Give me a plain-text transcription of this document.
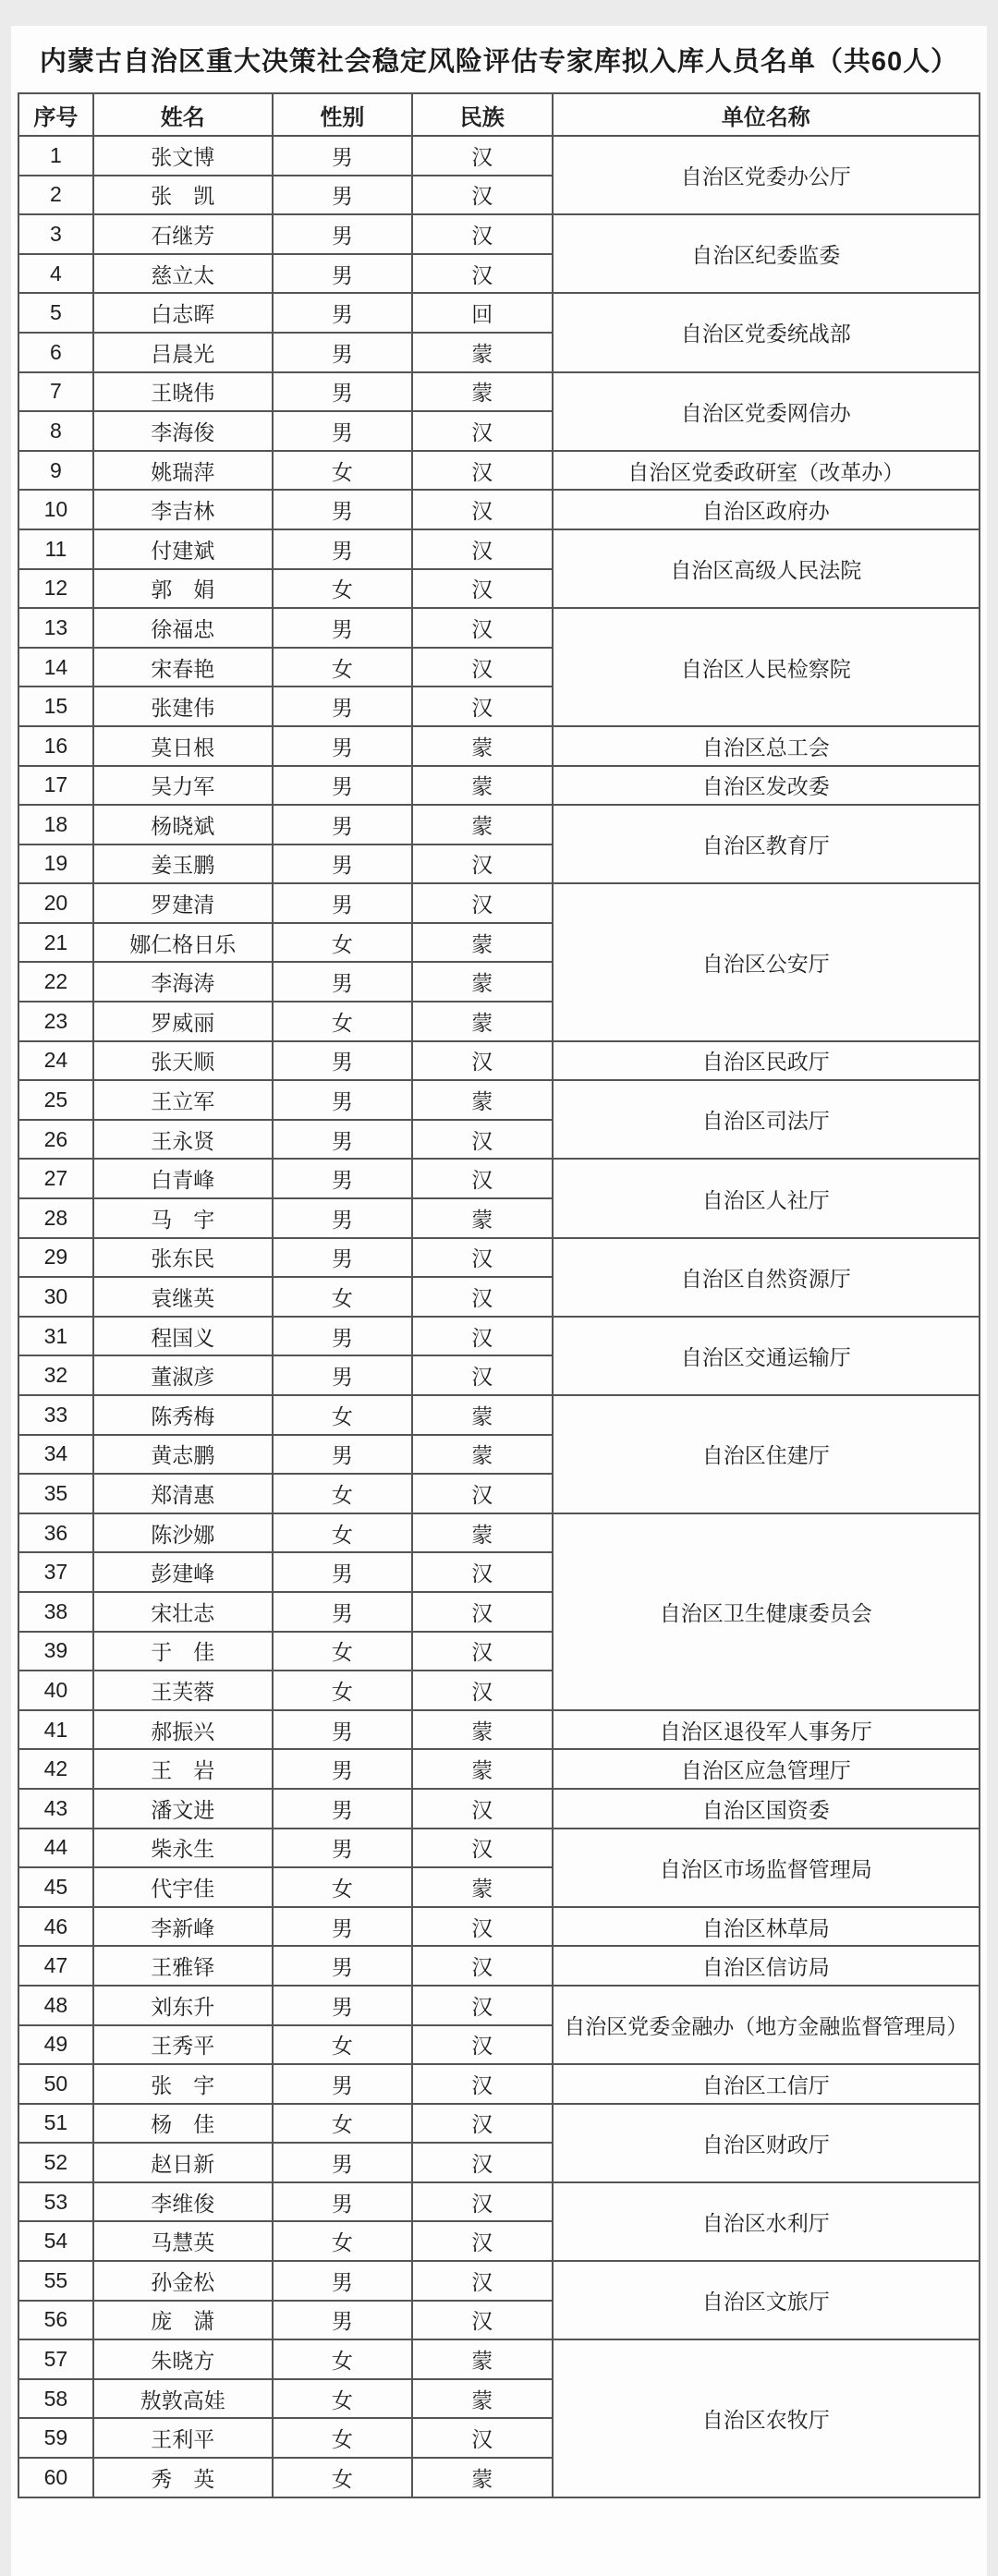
内蒙古自治区重大决策社会稳定风险评估专家库拟入库人员名单（共60人）
序号	姓名	性别	民族	单位名称
1	张文博	男	汉	自治区党委办公厅
2	张　凯	男	汉	
3	石继芳	男	汉	自治区纪委监委
4	慈立太	男	汉	
5	白志晖	男	回	自治区党委统战部
6	吕晨光	男	蒙	
7	王晓伟	男	蒙	自治区党委网信办
8	李海俊	男	汉	
9	姚瑞萍	女	汉	自治区党委政研室（改革办）
10	李吉林	男	汉	自治区政府办
11	付建斌	男	汉	自治区高级人民法院
12	郭　娟	女	汉	
13	徐福忠	男	汉	自治区人民检察院
14	宋春艳	女	汉	
15	张建伟	男	汉	
16	莫日根	男	蒙	自治区总工会
17	吴力军	男	蒙	自治区发改委
18	杨晓斌	男	蒙	自治区教育厅
19	姜玉鹏	男	汉	
20	罗建清	男	汉	自治区公安厅
21	娜仁格日乐	女	蒙	
22	李海涛	男	蒙	
23	罗威丽	女	蒙	
24	张天顺	男	汉	自治区民政厅
25	王立军	男	蒙	自治区司法厅
26	王永贤	男	汉	
27	白青峰	男	汉	自治区人社厅
28	马　宇	男	蒙	
29	张东民	男	汉	自治区自然资源厅
30	袁继英	女	汉	
31	程国义	男	汉	自治区交通运输厅
32	董淑彦	男	汉	
33	陈秀梅	女	蒙	自治区住建厅
34	黄志鹏	男	蒙	
35	郑清惠	女	汉	
36	陈沙娜	女	蒙	自治区卫生健康委员会
37	彭建峰	男	汉	
38	宋壮志	男	汉	
39	于　佳	女	汉	
40	王芙蓉	女	汉	
41	郝振兴	男	蒙	自治区退役军人事务厅
42	王　岩	男	蒙	自治区应急管理厅
43	潘文进	男	汉	自治区国资委
44	柴永生	男	汉	自治区市场监督管理局
45	代宇佳	女	蒙	
46	李新峰	男	汉	自治区林草局
47	王雅铎	男	汉	自治区信访局
48	刘东升	男	汉	自治区党委金融办（地方金融监督管理局）
49	王秀平	女	汉	
50	张　宇	男	汉	自治区工信厅
51	杨　佳	女	汉	自治区财政厅
52	赵日新	男	汉	
53	李维俊	男	汉	自治区水利厅
54	马慧英	女	汉	
55	孙金松	男	汉	自治区文旅厅
56	庞　潇	男	汉	
57	朱晓方	女	蒙	自治区农牧厅
58	敖敦高娃	女	蒙	
59	王利平	女	汉	
60	秀　英	女	蒙	
